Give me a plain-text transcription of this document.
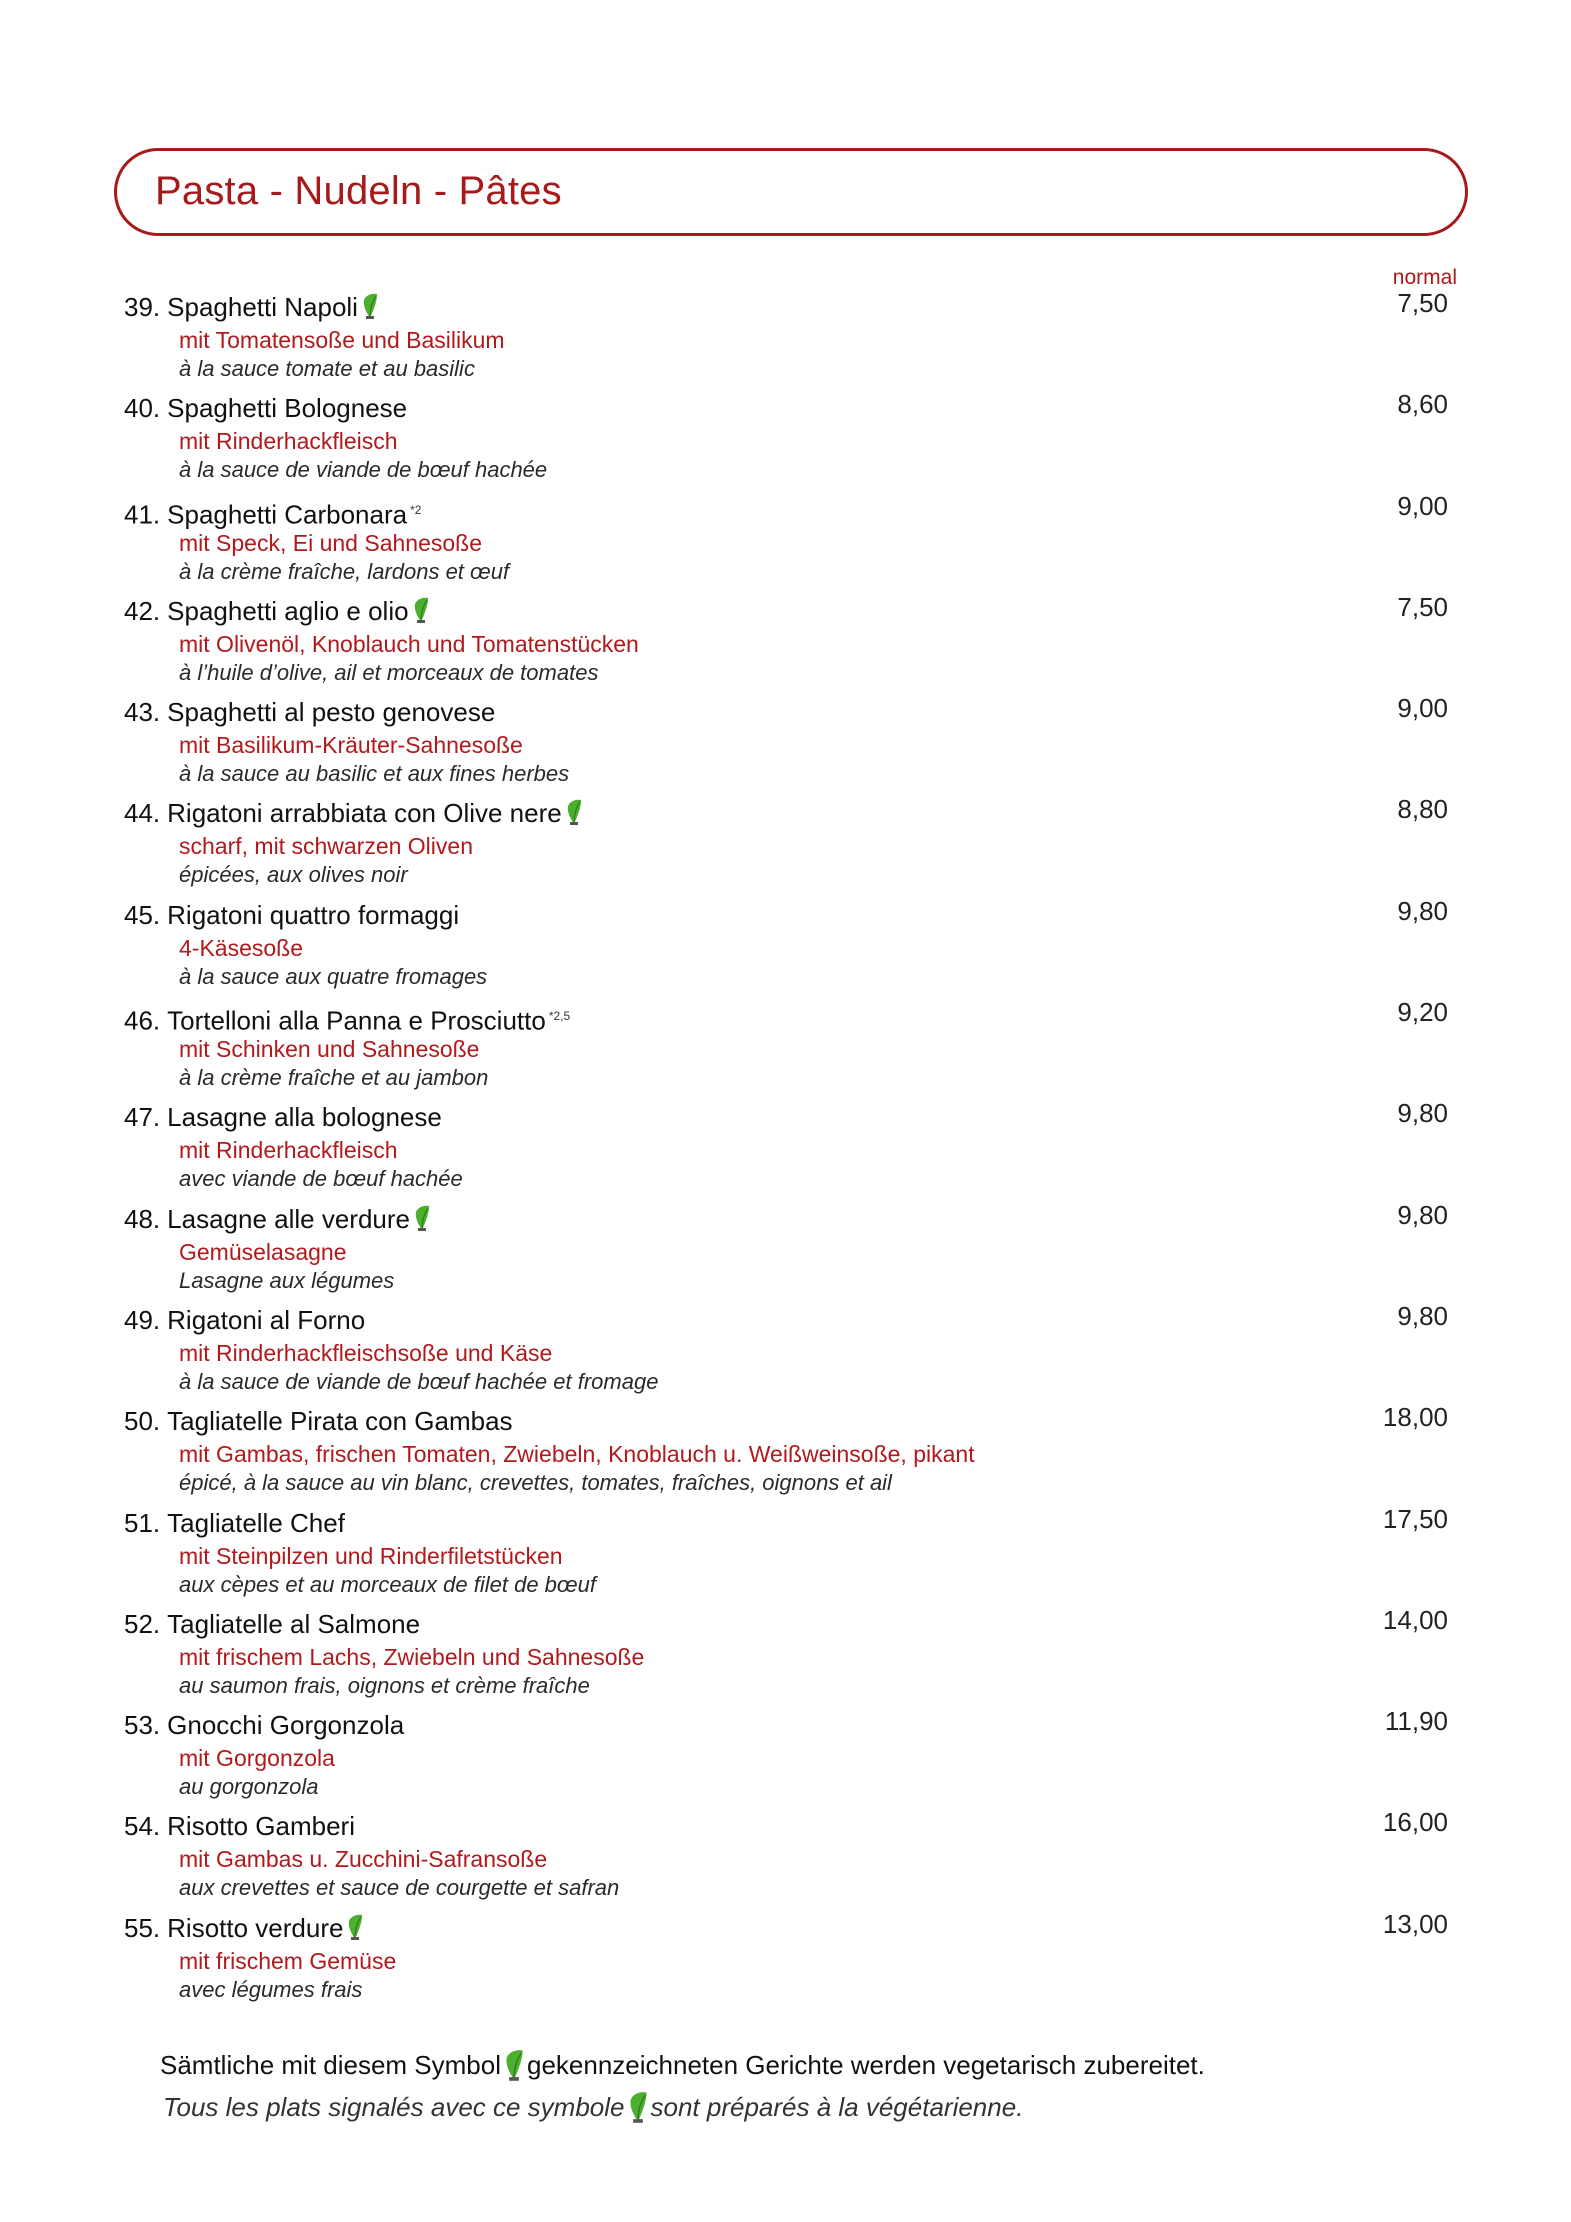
Pasta - Nudeln - Pâtes
normal
39. Spaghetti Napoli	7,50
mit Tomatensoße und Basilikum
à la sauce tomate et au basilic
40. Spaghetti Bolognese	8,60
mit Rinderhackfleisch
à la sauce de viande de bœuf hachée
41. Spaghetti Carbonara $^{*2}$	9,00
mit Speck, Ei und Sahnesoße
à la crème fraîche, lardons et œuf
42. Spaghetti aglio e olio	7,50
mit Olivenöl, Knoblauch und Tomatenstücken
à l’huile d’olive, ail et morceaux de tomates
43. Spaghetti al pesto genovese	9,00
mit Basilikum-Kräuter-Sahnesoße
à la sauce au basilic et aux fines herbes
44. Rigatoni arrabbiata con Olive nere	8,80
scharf, mit schwarzen Oliven
épicées, aux olives noir
45. Rigatoni quattro formaggi	9,80
4-Käsesoße
à la sauce aux quatre fromages
46. Tortelloni alla Panna e Prosciutto $^{*2,5}$	9,20
mit Schinken und Sahnesoße
à la crème fraîche et au jambon
47. Lasagne alla bolognese	9,80
mit Rinderhackfleisch
avec viande de bœuf hachée
48. Lasagne alle verdure	9,80
Gemüselasagne
Lasagne aux légumes
49. Rigatoni al Forno	9,80
mit Rinderhackfleischsoße und Käse
à la sauce de viande de bœuf hachée et fromage
50. Tagliatelle Pirata con Gambas	18,00
mit Gambas, frischen Tomaten, Zwiebeln, Knoblauch u. Weißweinsoße, pikant
épicé, à la sauce au vin blanc, crevettes, tomates, fraîches, oignons et ail
51. Tagliatelle Chef	17,50
mit Steinpilzen und Rinderfiletstücken
aux cèpes et au morceaux de filet de bœuf
52. Tagliatelle al Salmone	14,00
mit frischem Lachs, Zwiebeln und Sahnesoße
au saumon frais, oignons et crème fraîche
53. Gnocchi Gorgonzola	11,90
mit Gorgonzola
au gorgonzola
54. Risotto Gamberi	16,00
mit Gambas u. Zucchini-Safransoße
aux crevettes et sauce de courgette et safran
55. Risotto verdure	13,00
mit frischem Gemüse
avec légumes frais
Sämtliche mit diesem Symbol gekennzeichneten Gerichte werden vegetarisch zubereitet.
Tous les plats signalés avec ce symbole sont préparés à la végétarienne.
